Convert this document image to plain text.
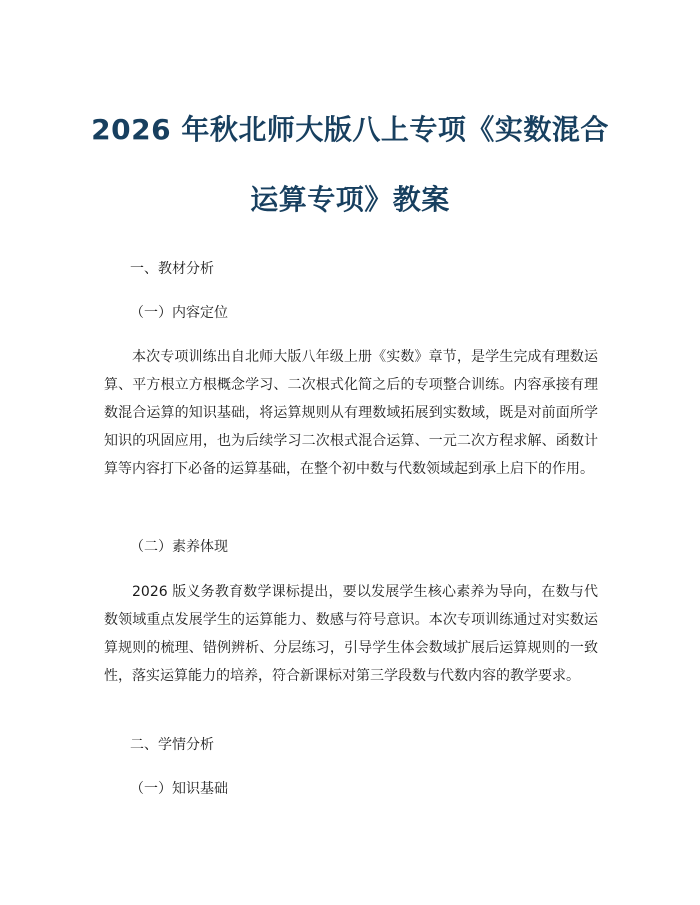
2026 年秋北师大版八上专项《实数混合
运算专项》教案
一、教材分析
（一）内容定位

本次专项训练出自北师大版八年级上册《实数》章节，是学生完成有理数运算、平方根立方根概念学习、二次根式化简之后的专项整合训练。内容承接有理数混合运算的知识基础，将运算规则从有理数域拓展到实数域，既是对前面所学知识的巩固应用，也为后续学习二次根式混合运算、一元二次方程求解、函数计算等内容打下必备的运算基础，在整个初中数与代数领域起到承上启下的作用。

（二）素养体现

2026 版义务教育数学课标提出，要以发展学生核心素养为导向，在数与代数领域重点发展学生的运算能力、数感与符号意识。本次专项训练通过对实数运算规则的梳理、错例辨析、分层练习，引导学生体会数域扩展后运算规则的一致性，落实运算能力的培养，符合新课标对第三学段数与代数内容的教学要求。

二、学情分析
（一）知识基础
